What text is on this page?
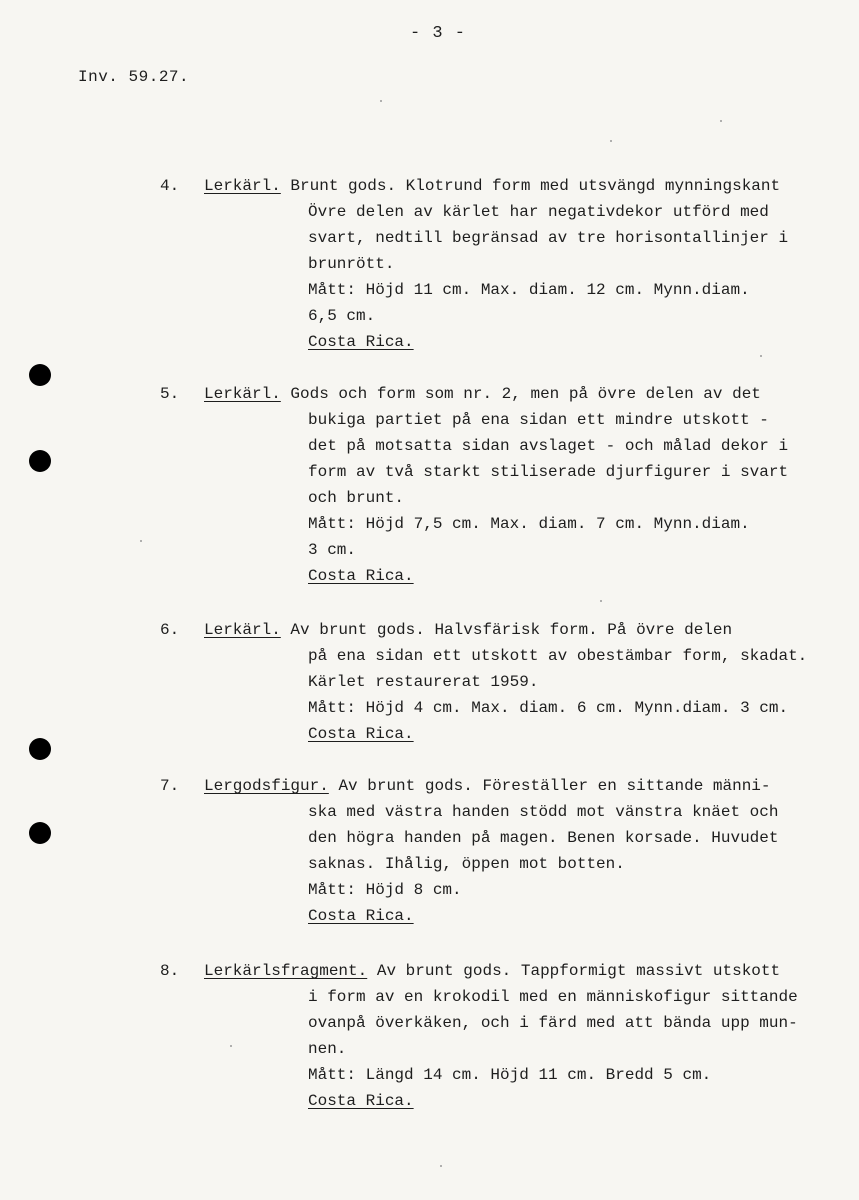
- 3 -
Inv. 59.27.
4. Lerkärl. Brunt gods. Klotrund form med utsvängd mynningskant
Övre delen av kärlet har negativdekor utförd med
svart, nedtill begränsad av tre horisontallinjer i
brunrött.
Mått: Höjd 11 cm. Max. diam. 12 cm. Mynn.diam.
6,5 cm.
Costa Rica.
5. Lerkärl. Gods och form som nr. 2, men på övre delen av det
bukiga partiet på ena sidan ett mindre utskott -
det på motsatta sidan avslaget - och målad dekor i
form av två starkt stiliserade djurfigurer i svart
och brunt.
Mått: Höjd 7,5 cm. Max. diam. 7 cm. Mynn.diam.
3 cm.
Costa Rica.
6. Lerkärl. Av brunt gods. Halvsfärisk form. På övre delen
på ena sidan ett utskott av obestämbar form, skadat.
Kärlet restaurerat 1959.
Mått: Höjd 4 cm. Max. diam. 6 cm. Mynn.diam. 3 cm.
Costa Rica.
7. Lergodsfigur. Av brunt gods. Föreställer en sittande männi-
ska med västra handen stödd mot vänstra knäet och
den högra handen på magen. Benen korsade. Huvudet
saknas. Ihålig, öppen mot botten.
Mått: Höjd 8 cm.
Costa Rica.
8. Lerkärlsfragment. Av brunt gods. Tappformigt massivt utskott
i form av en krokodil med en människofigur sittande
ovanpå överkäken, och i färd med att bända upp mun-
nen.
Mått: Längd 14 cm. Höjd 11 cm. Bredd 5 cm.
Costa Rica.
